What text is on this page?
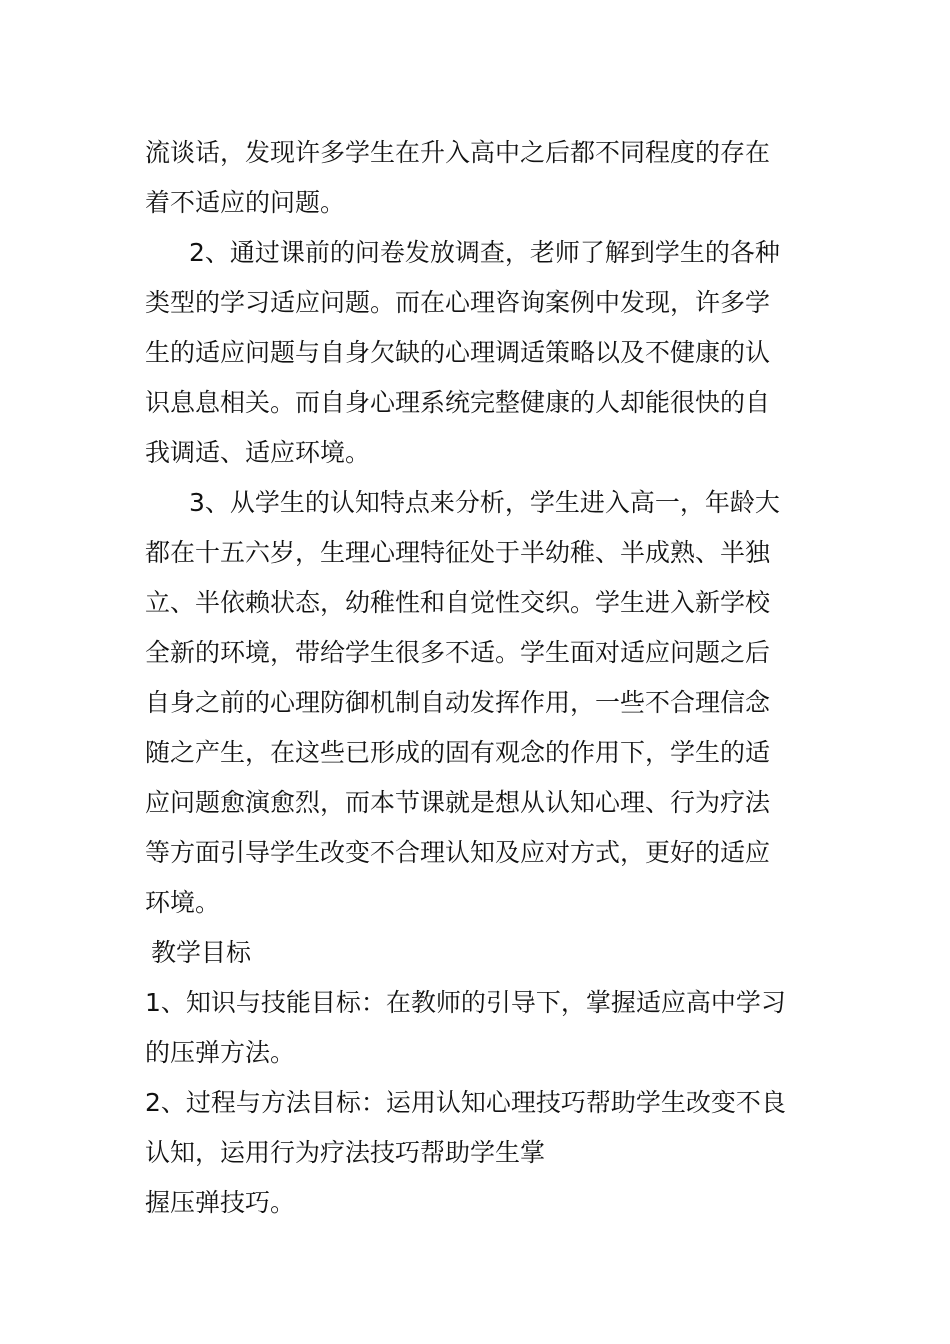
流谈话，发现许多学生在升入高中之后都不同程度的存在
着不适应的问题。
2、通过课前的问卷发放调查，老师了解到学生的各种
类型的学习适应问题。而在心理咨询案例中发现，许多学
生的适应问题与自身欠缺的心理调适策略以及不健康的认
识息息相关。而自身心理系统完整健康的人却能很快的自
我调适、适应环境。
3、从学生的认知特点来分析，学生进入高一，年龄大
都在十五六岁，生理心理特征处于半幼稚、半成熟、半独
立、半依赖状态，幼稚性和自觉性交织。学生进入新学校
全新的环境，带给学生很多不适。学生面对适应问题之后
自身之前的心理防御机制自动发挥作用，一些不合理信念
随之产生，在这些已形成的固有观念的作用下，学生的适
应问题愈演愈烈，而本节课就是想从认知心理、行为疗法
等方面引导学生改变不合理认知及应对方式，更好的适应
环境。
教学目标
1、知识与技能目标：在教师的引导下，掌握适应高中学习
的压弹方法。
2、过程与方法目标：运用认知心理技巧帮助学生改变不良
认知，运用行为疗法技巧帮助学生掌
握压弹技巧。
